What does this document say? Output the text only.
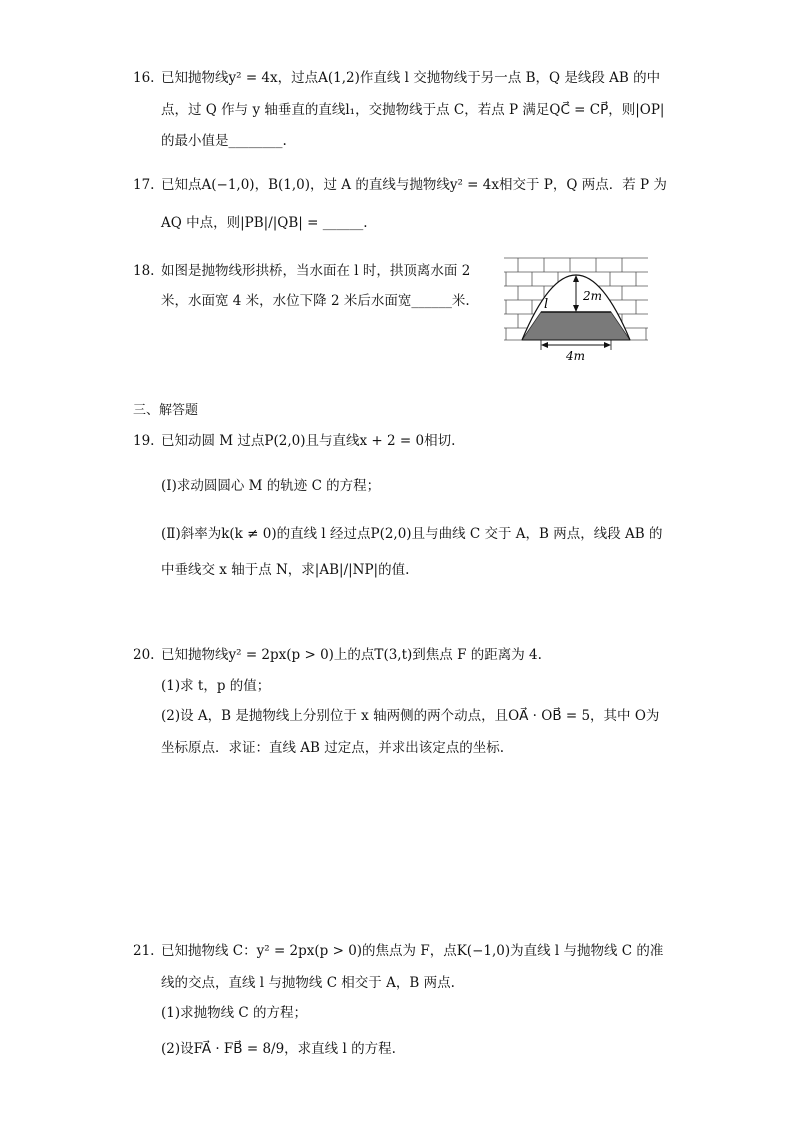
16. 已知抛物线y² = 4x，过点A(1,2)作直线 l 交抛物线于另一点 B，Q 是线段 AB 的中
点，过 Q 作与 y 轴垂直的直线l₁，交抛物线于点 C，若点 P 满足QC⃗ = CP⃗，则|OP|
的最小值是________.
17. 已知点A(−1,0)，B(1,0)，过 A 的直线与抛物线y² = 4x相交于 P，Q 两点．若 P 为
AQ 中点，则|PB|/|QB| = ______.
18. 如图是抛物线形拱桥，当水面在 l 时，拱顶离水面 2
米，水面宽 4 米，水位下降 2 米后水面宽______米.	2m
l
4m
三、解答题
19. 已知动圆 M 过点P(2,0)且与直线x + 2 = 0相切.
(Ⅰ)求动圆圆心 M 的轨迹 C 的方程；
(Ⅱ)斜率为k(k ≠ 0)的直线 l 经过点P(2,0)且与曲线 C 交于 A，B 两点，线段 AB 的
中垂线交 x 轴于点 N，求|AB|/|NP|的值.
20. 已知抛物线y² = 2px(p > 0)上的点T(3,t)到焦点 F 的距离为 4.
(1)求 t，p 的值；
(2)设 A，B 是抛物线上分别位于 x 轴两侧的两个动点，且OA⃗ · OB⃗ = 5，其中 O为
坐标原点．求证：直线 AB 过定点，并求出该定点的坐标.
21. 已知抛物线 C：y² = 2px(p > 0)的焦点为 F，点K(−1,0)为直线 l 与抛物线 C 的准
线的交点，直线 l 与抛物线 C 相交于 A，B 两点.
(1)求抛物线 C 的方程；
(2)设FA⃗ · FB⃗ = 8/9，求直线 l 的方程.
